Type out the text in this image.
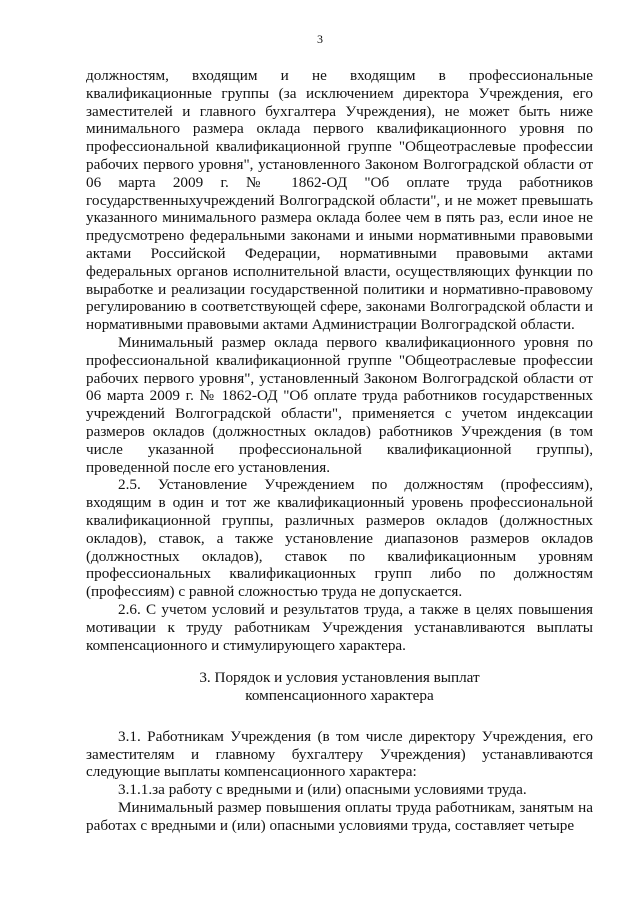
3

должностям, входящим и не входящим в профессиональные квалификационные группы (за исключением директора Учреждения, его заместителей и главного бухгалтера Учреждения), не может быть ниже минимального размера оклада первого квалификационного уровня по профессиональной квалификационной группе "Общеотраслевые профессии рабочих первого уровня", установленного Законом Волгоградской области от 06 марта 2009 г. № 1862-ОД "Об оплате труда работников государственныхучреждений Волгоградской области", и не может превышать указанного минимального размера оклада более чем в пять раз, если иное не предусмотрено федеральными законами и иными нормативными правовыми актами Российской Федерации, нормативными правовыми актами федеральных органов исполнительной власти, осуществляющих функции по выработке и реализации государственной политики и нормативно-правовому регулированию в соответствующей сфере, законами Волгоградской области и нормативными правовыми актами Администрации Волгоградской области.

Минимальный размер оклада первого квалификационного уровня по профессиональной квалификационной группе "Общеотраслевые профессии рабочих первого уровня", установленный Законом Волгоградской области от 06 марта 2009 г. № 1862-ОД "Об оплате труда работников государственных учреждений Волгоградской области", применяется с учетом индексации размеров окладов (должностных окладов) работников Учреждения (в том числе указанной профессиональной квалификационной группы), проведенной после его установления.

2.5. Установление Учреждением по должностям (профессиям), входящим в один и тот же квалификационный уровень профессиональной квалификационной группы, различных размеров окладов (должностных окладов), ставок, а также установление диапазонов размеров окладов (должностных окладов), ставок по квалификационным уровням профессиональных квалификационных групп либо по должностям (профессиям) с равной сложностью труда не допускается.

2.6. С учетом условий и результатов труда, а также в целях повышения мотивации к труду работникам Учреждения устанавливаются выплаты компенсационного и стимулирующего характера.

3. Порядок и условия установления выплат
компенсационного характера

3.1. Работникам Учреждения (в том числе директору Учреждения, его заместителям и главному бухгалтеру Учреждения) устанавливаются следующие выплаты компенсационного характера:

3.1.1.за работу с вредными и (или) опасными условиями труда.

Минимальный размер повышения оплаты труда работникам, занятым на работах с вредными и (или) опасными условиями труда, составляет четыре
